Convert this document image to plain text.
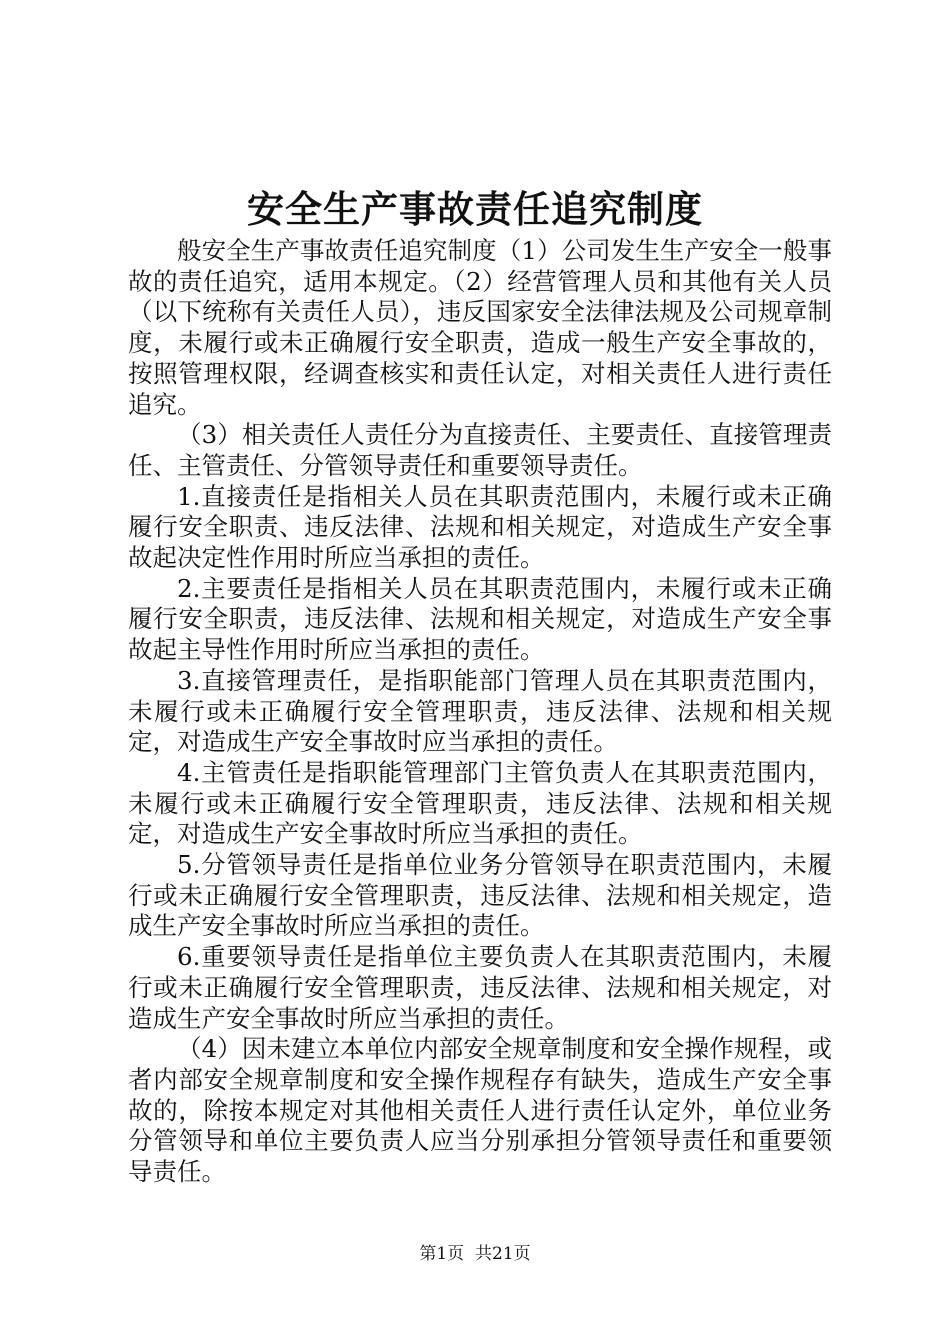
安全生产事故责任追究制度

般安全生产事故责任追究制度（1）公司发生生产安全一般事故的责任追究，适用本规定。（2）经营管理人员和其他有关人员（以下统称有关责任人员），违反国家安全法律法规及公司规章制度，未履行或未正确履行安全职责，造成一般生产安全事故的，按照管理权限，经调查核实和责任认定，对相关责任人进行责任追究。

（3）相关责任人责任分为直接责任、主要责任、直接管理责任、主管责任、分管领导责任和重要领导责任。

1.直接责任是指相关人员在其职责范围内，未履行或未正确履行安全职责、违反法律、法规和相关规定，对造成生产安全事故起决定性作用时所应当承担的责任。

2.主要责任是指相关人员在其职责范围内，未履行或未正确履行安全职责，违反法律、法规和相关规定，对造成生产安全事故起主导性作用时所应当承担的责任。

3.直接管理责任，是指职能部门管理人员在其职责范围内，未履行或未正确履行安全管理职责，违反法律、法规和相关规定，对造成生产安全事故时应当承担的责任。

4.主管责任是指职能管理部门主管负责人在其职责范围内，未履行或未正确履行安全管理职责，违反法律、法规和相关规定，对造成生产安全事故时所应当承担的责任。

5.分管领导责任是指单位业务分管领导在职责范围内，未履行或未正确履行安全管理职责，违反法律、法规和相关规定，造成生产安全事故时所应当承担的责任。

6.重要领导责任是指单位主要负责人在其职责范围内，未履行或未正确履行安全管理职责，违反法律、法规和相关规定，对造成生产安全事故时所应当承担的责任。

（4）因未建立本单位内部安全规章制度和安全操作规程，或者内部安全规章制度和安全操作规程存有缺失，造成生产安全事故的，除按本规定对其他相关责任人进行责任认定外，单位业务分管领导和单位主要负责人应当分别承担分管领导责任和重要领导责任。

第1页 共21页
